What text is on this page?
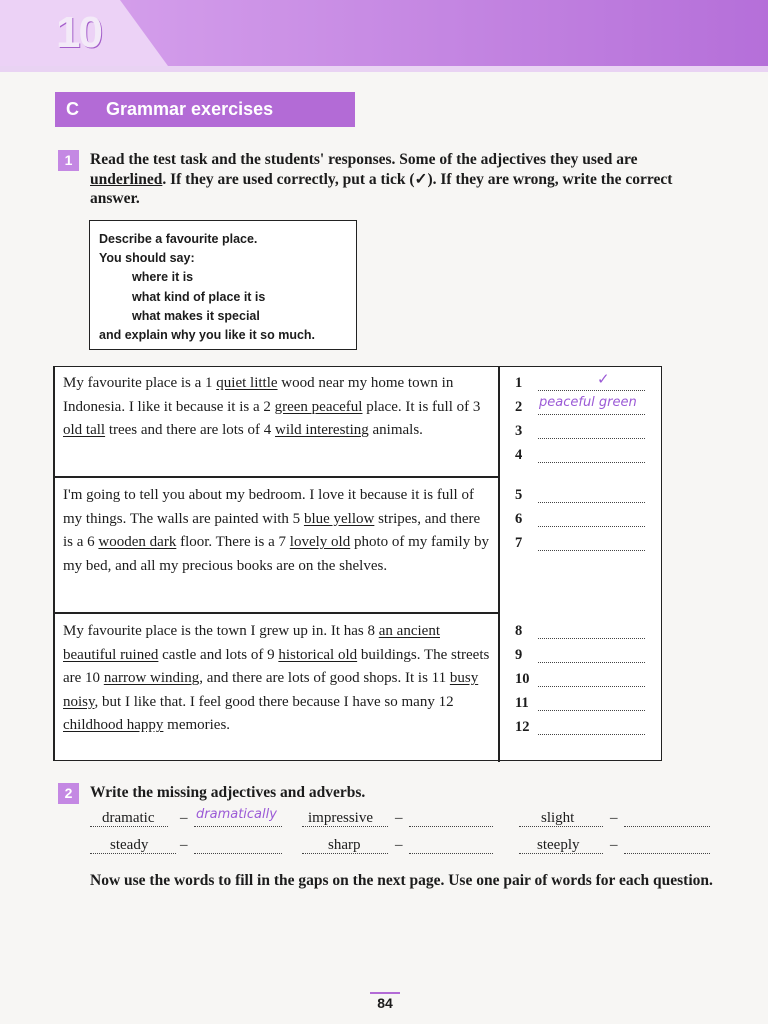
10
C Grammar exercises
1	Read the test task and the students' responses. Some of the adjectives they used are underlined. If they are used correctly, put a tick (✓). If they are wrong, write the correct answer.
Describe a favourite place.
You should say:
where it is
what kind of place it is
what makes it special
and explain why you like it so much.
My favourite place is a 1 quiet little wood near my home town in Indonesia. I like it because it is a 2 green peaceful place. It is full of 3 old tall trees and there are lots of 4 wild interesting animals.
I'm going to tell you about my bedroom. I love it because it is full of my things. The walls are painted with 5 blue yellow stripes, and there is a 6 wooden dark floor. There is a 7 lovely old photo of my family by my bed, and all my precious books are on the shelves.
My favourite place is the town I grew up in. It has 8 an ancient beautiful ruined castle and lots of 9 historical old buildings. The streets are 10 narrow winding, and there are lots of good shops. It is 11 busy noisy, but I like that. I feel good there because I have so many 12 childhood happy memories.
1	✓
2	peaceful green
3
4
5
6
7
8
9
10
11
12
2	Write the missing adjectives and adverbs.
dramatic – dramatically impressive –	slight –
steady –	sharp –	steeply –
Now use the words to fill in the gaps on the next page. Use one pair of words for each question.
84
